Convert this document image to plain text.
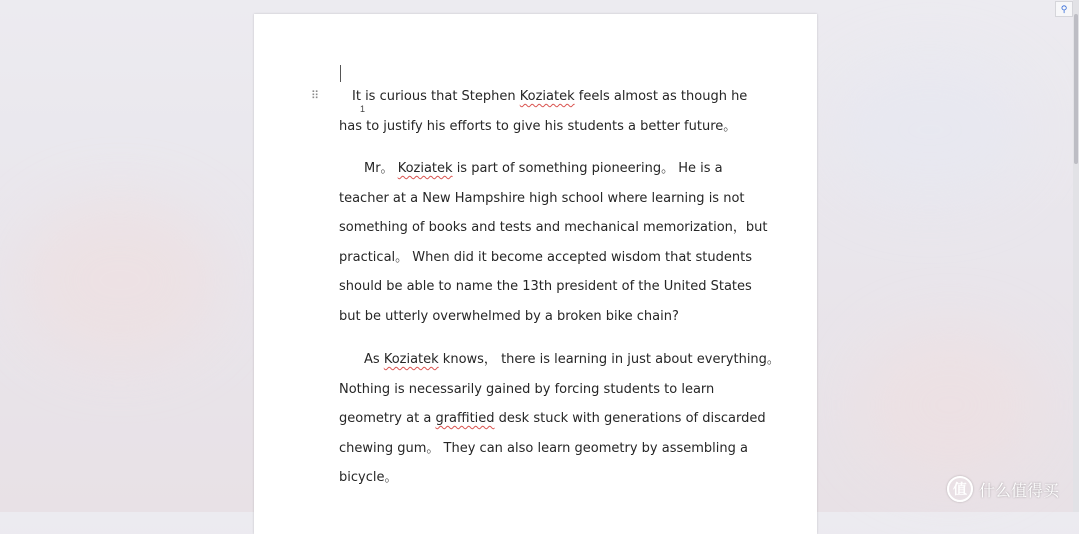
⠿
1

It is curious that Stephen Koziatek feels almost as though he
has to justify his efforts to give his students a better future。

Mr。 Koziatek is part of something pioneering。 He is a
teacher at a New Hampshire high school where learning is not
something of books and tests and mechanical memorization，but
practical。 When did it become accepted wisdom that students
should be able to name the 13th president of the United States
but be utterly overwhelmed by a broken bike chain?

As Koziatek knows， there is learning in just about everything。
Nothing is necessarily gained by forcing students to learn
geometry at a graffitied desk stuck with generations of discarded
chewing gum。 They can also learn geometry by assembling a
bicycle。

⚲
值 什么值得买
